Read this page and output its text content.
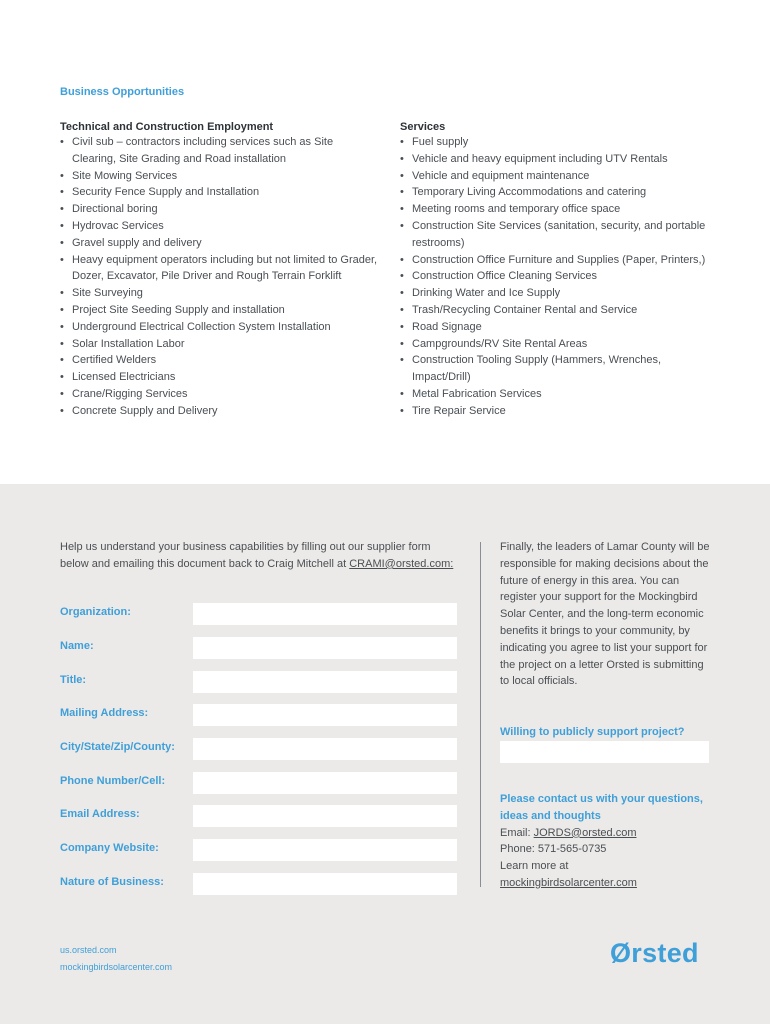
Business Opportunities
Technical and Construction Employment
• Civil sub – contractors including services such as Site Clearing, Site Grading and Road installation
• Site Mowing Services
• Security Fence Supply and Installation
• Directional boring
• Hydrovac Services
• Gravel supply and delivery
• Heavy equipment operators including but not limited to Grader, Dozer, Excavator, Pile Driver and Rough Terrain Forklift
• Site Surveying
• Project Site Seeding Supply and installation
• Underground Electrical Collection System Installation
• Solar Installation Labor
• Certified Welders
• Licensed Electricians
• Crane/Rigging Services
• Concrete Supply and Delivery
Services
• Fuel supply
• Vehicle and heavy equipment including UTV Rentals
• Vehicle and equipment maintenance
• Temporary Living Accommodations and catering
• Meeting rooms and temporary office space
• Construction Site Services (sanitation, security, and portable restrooms)
• Construction Office Furniture and Supplies (Paper, Printers,)
• Construction Office Cleaning Services
• Drinking Water and Ice Supply
• Trash/Recycling Container Rental and Service
• Road Signage
• Campgrounds/RV Site Rental Areas
• Construction Tooling Supply (Hammers, Wrenches, Impact/Drill)
• Metal Fabrication Services
• Tire Repair Service
Help us understand your business capabilities by filling out our supplier form below and emailing this document back to Craig Mitchell at CRAMI@orsted.com:
Organization:
Name:
Title:
Mailing Address:
City/State/Zip/County:
Phone Number/Cell:
Email Address:
Company Website:
Nature of Business:
Finally, the leaders of Lamar County will be responsible for making decisions about the future of energy in this area. You can register your support for the Mockingbird Solar Center, and the long-term economic benefits it brings to your community, by indicating you agree to list your support for the project on a letter Orsted is submitting to local officials.
Willing to publicly support project?
Please contact us with your questions, ideas and thoughts
Email: JORDS@orsted.com
Phone: 571-565-0735
Learn more at
mockingbirdsolarcenter.com
us.orsted.com
mockingbirdsolarcenter.com	Ørsted
